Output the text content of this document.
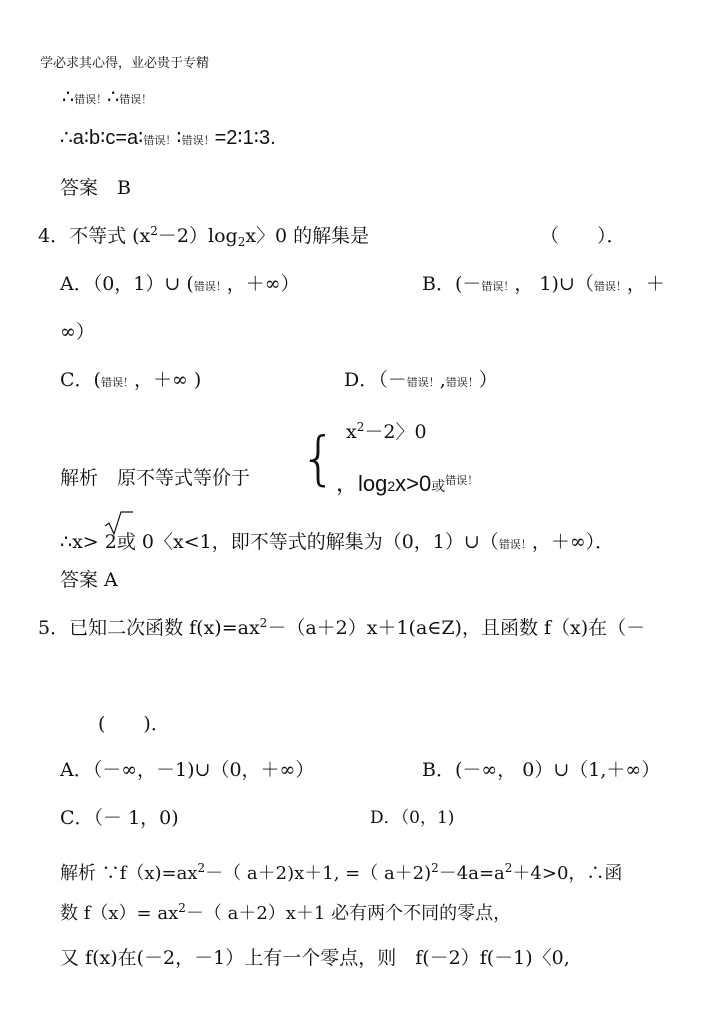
学必求其心得，业必贵于专精
∴错误！∴错误！
∴a∶b∶c=a∶错误！∶错误！=2∶1∶3.
答案　B
4．不等式 $(x^2-2)\log_2x$〉0 的解集是	（　　）．
A．（0，1）∪ (错误！，＋∞）	B．(－错误！， 1)∪（错误！，＋
∞）
C．(错误！，＋∞ )	D．（－错误！,错误！）
$x^2-2$〉0
{
解析　原不等式等价于	，log2x>0或$^{错误!}$
∴x> 2或 0〈x<1，即不等式的解集为（0，1）∪（错误！，＋∞）．
答案 A
5．已知二次函数 $f(x)=ax^2-(a+2)x+1(a\in Z)$，且函数 f（x)在（－
(　　)．
A．（－∞，－1)∪（0，＋∞）	B．(－∞， 0）∪（1,＋∞）
C．（－ 1，0)	D．（0，1)
解析 $\because f(x)=ax^2-$（ a＋2)x＋1, =（ $a+2)^2-4a=a^2+4>0$，∴函
数 $f(x)= ax^2-$（ a＋2）x＋1 必有两个不同的零点，
又 f(x)在(－2，－1）上有一个零点，则　f(－2）f(－1)〈0,
